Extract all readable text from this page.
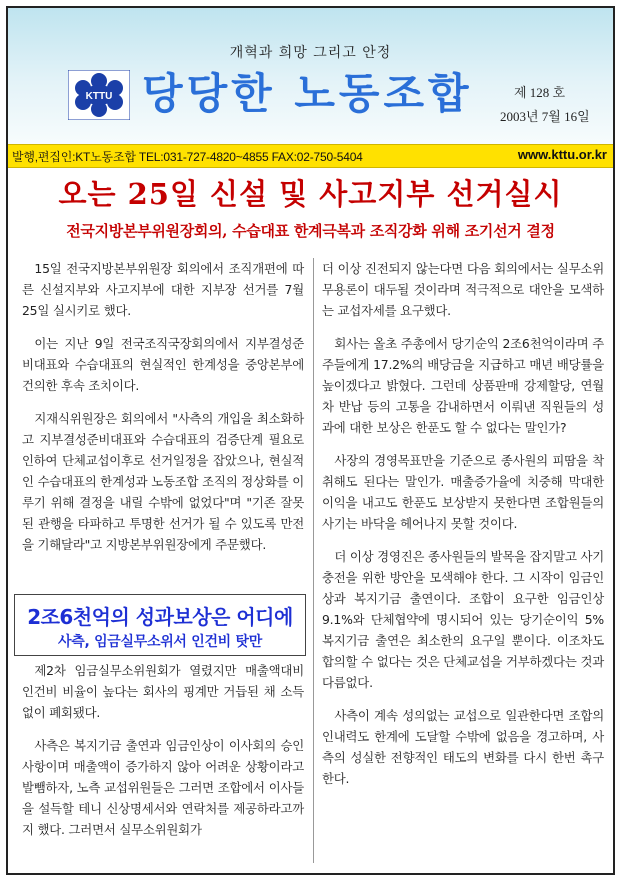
개혁과 희망 그리고 안정
KTTU 당당한 노동조합	제 128 호
2003년 7월 16일
발행,편집인:KT노동조합 TEL:031-727-4820~4855 FAX:02-750-5404	www.kttu.or.kr
오는 25일 신설 및 사고지부 선거실시
전국지방본부위원장회의, 수습대표 한계극복과 조직강화 위해 조기선거 결정

15일 전국지방본부위원장 회의에서 조직개편에 따른 신설지부와 사고지부에 대한 지부장 선거를 7월 25일 실시키로 했다.

이는 지난 9일 전국조직국장회의에서 지부결성준비대표와 수습대표의 현실적인 한계성을 중앙본부에 건의한 후속 조치이다.

지재식위원장은 회의에서 "사측의 개입을 최소화하고 지부결성준비대표와 수습대표의 검증단계 필요로 인하여 단체교섭이후로 선거일정을 잡았으나, 현실적인 수습대표의 한계성과 노동조합 조직의 정상화를 이루기 위해 결정을 내릴 수밖에 없었다"며 "기존 잘못된 관행을 타파하고 투명한 선거가 될 수 있도록 만전을 기해달라"고 지방본부위원장에게 주문했다.

2조6천억의 성과보상은 어디에
사측, 임금실무소위서 인건비 탓만

제2차 임금실무소위원회가 열렸지만 매출액대비 인건비 비율이 높다는 회사의 핑계만 거듭된 채 소득없이 폐회됐다.

사측은 복지기금 출연과 임금인상이 이사회의 승인사항이며 매출액이 증가하지 않아 어려운 상황이라고 발뺌하자, 노측 교섭위원들은 그러면 조합에서 이사들을 설득할 테니 신상명세서와 연락처를 제공하라고까지 했다. 그러면서 실무소위원회가

더 이상 진전되지 않는다면 다음 회의에서는 실무소위 무용론이 대두될 것이라며 적극적으로 대안을 모색하는 교섭자세를 요구했다.

회사는 올초 주총에서 당기순익 2조6천억이라며 주주들에게 17.2%의 배당금을 지급하고 매년 배당률을 높이겠다고 밝혔다. 그런데 상품판매 강제할당, 연월차 반납 등의 고통을 감내하면서 이뤄낸 직원들의 성과에 대한 보상은 한푼도 할 수 없다는 말인가?

사장의 경영목표만을 기준으로 종사원의 피땀을 착취해도 된다는 말인가. 매출증가율에 치중해 막대한 이익을 내고도 한푼도 보상받지 못한다면 조합원들의 사기는 바닥을 헤어나지 못할 것이다.

더 이상 경영진은 종사원들의 발목을 잡지말고 사기충전을 위한 방안을 모색해야 한다. 그 시작이 임금인상과 복지기금 출연이다. 조합이 요구한 임금인상 9.1%와 단체협약에 명시되어 있는 당기순이익 5% 복지기금 출연은 최소한의 요구일 뿐이다. 이조차도 합의할 수 없다는 것은 단체교섭을 거부하겠다는 것과 다름없다.

사측이 계속 성의없는 교섭으로 일관한다면 조합의 인내력도 한계에 도달할 수밖에 없음을 경고하며, 사측의 성실한 전향적인 태도의 변화를 다시 한번 촉구한다.
